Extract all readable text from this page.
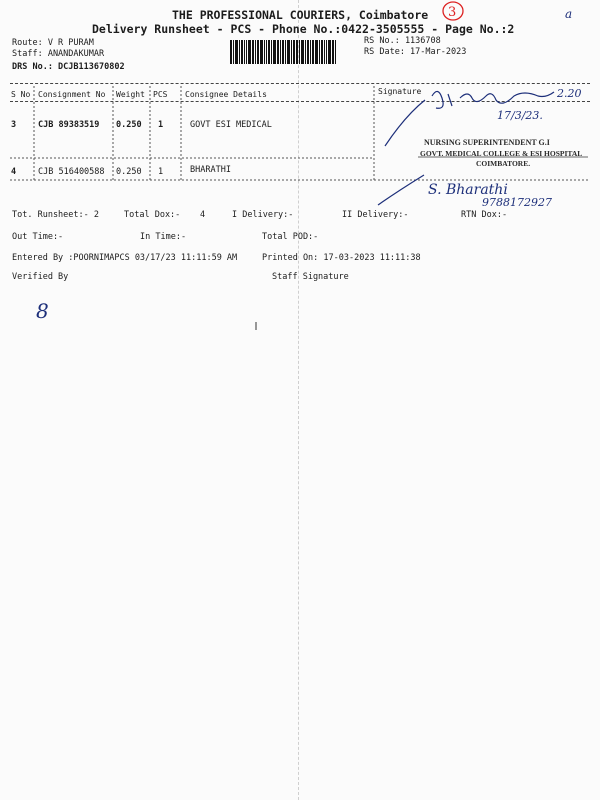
THE PROFESSIONAL COURIERS, Coimbatore
Delivery Runsheet - PCS - Phone No.:0422-3505555 - Page No.:2
3	a
Route: V R PURAM
Staff: ANANDAKUMAR
DRS No.: DCJB113670802
RS No.: 1136708
RS Date: 17-Mar-2023
S No Consignment No Weight PCS Consignee Details	Signature
3	CJB 89383519 0.250 1	GOVT ESI MEDICAL
4	CJB 516400588 0.250 1	BHARATHI
2.20
17/3/23.
NURSING SUPERINTENDENT G.I
GOVT. MEDICAL COLLEGE & ESI HOSPITAL
COIMBATORE.
S. Bharathi
9788172927
Tot. Runsheet:- 2	Total Dox:- 4	I Delivery:-	II Delivery:-	RTN Dox:-
Out Time:-	In Time:-	Total POD:-
Entered By :POORNIMAPCS 03/17/23 11:11:59 AM	Printed On: 17-03-2023 11:11:38
Verified By	Staff Signature
8
